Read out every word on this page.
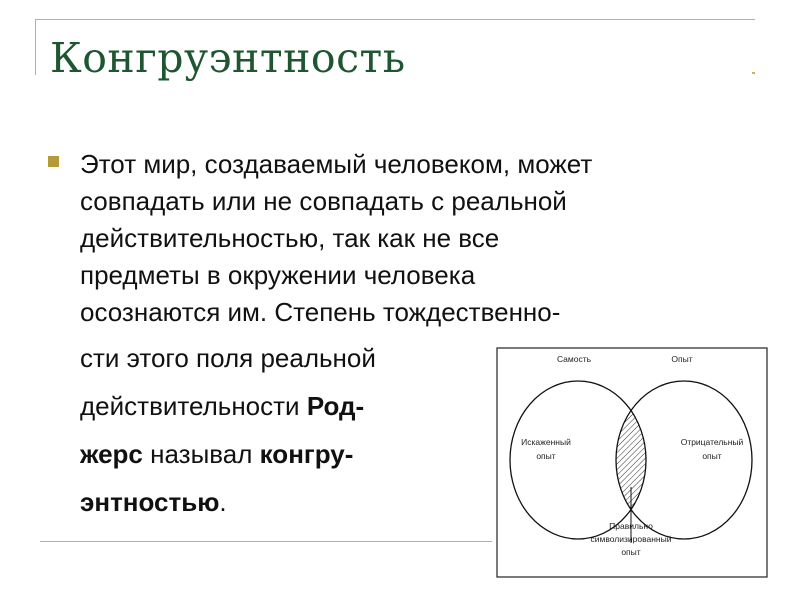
Конгруэнтность
Этот мир, создаваемый человеком, может
совпадать или не совпадать с реальной
действительностью, так как не все
предметы в окружении человека
осознаются им. Степень тождественно-
сти этого поля реальной
действительности Род-
жерс называл конгру-
энтностью.
Самость	Опыт
Искаженный
опыт
Отрицательный
опыт
Правильно
символизированный
опыт
